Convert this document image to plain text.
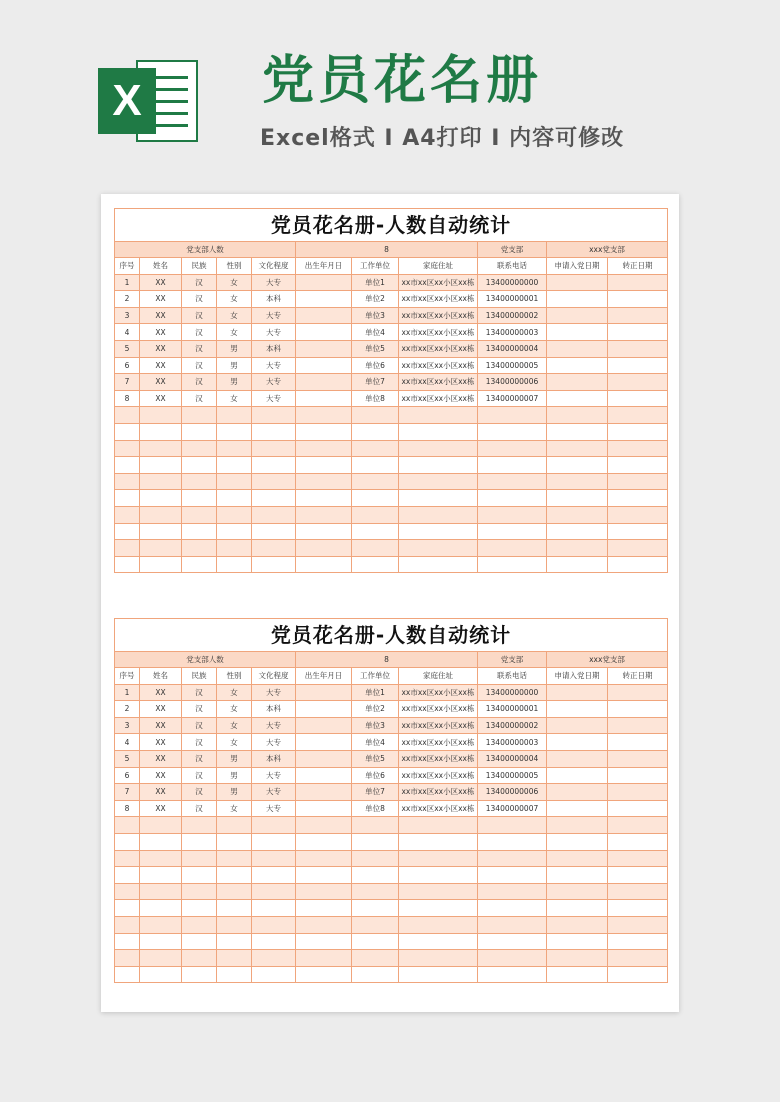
X 党员花名册
Excel格式 Ⅰ A4打印 Ⅰ 内容可修改
党员花名册-人数自动统计										
党支部人数					8			党支部	xxx党支部	
序号	姓名	民族	性别	文化程度	出生年月日	工作单位	家庭住址	联系电话	申请入党日期	转正日期
1	XX	汉	女	大专		单位1	xx市xx区xx小区xx栋	13400000000		
2	XX	汉	女	本科		单位2	xx市xx区xx小区xx栋	13400000001		
3	XX	汉	女	大专		单位3	xx市xx区xx小区xx栋	13400000002		
4	XX	汉	女	大专		单位4	xx市xx区xx小区xx栋	13400000003		
5	XX	汉	男	本科		单位5	xx市xx区xx小区xx栋	13400000004		
6	XX	汉	男	大专		单位6	xx市xx区xx小区xx栋	13400000005		
7	XX	汉	男	大专		单位7	xx市xx区xx小区xx栋	13400000006		
8	XX	汉	女	大专		单位8	xx市xx区xx小区xx栋	13400000007		

党员花名册-人数自动统计										
党支部人数					8			党支部	xxx党支部	
序号	姓名	民族	性别	文化程度	出生年月日	工作单位	家庭住址	联系电话	申请入党日期	转正日期
1	XX	汉	女	大专		单位1	xx市xx区xx小区xx栋	13400000000		
2	XX	汉	女	本科		单位2	xx市xx区xx小区xx栋	13400000001		
3	XX	汉	女	大专		单位3	xx市xx区xx小区xx栋	13400000002		
4	XX	汉	女	大专		单位4	xx市xx区xx小区xx栋	13400000003		
5	XX	汉	男	本科		单位5	xx市xx区xx小区xx栋	13400000004		
6	XX	汉	男	大专		单位6	xx市xx区xx小区xx栋	13400000005		
7	XX	汉	男	大专		单位7	xx市xx区xx小区xx栋	13400000006		
8	XX	汉	女	大专		单位8	xx市xx区xx小区xx栋	13400000007		
